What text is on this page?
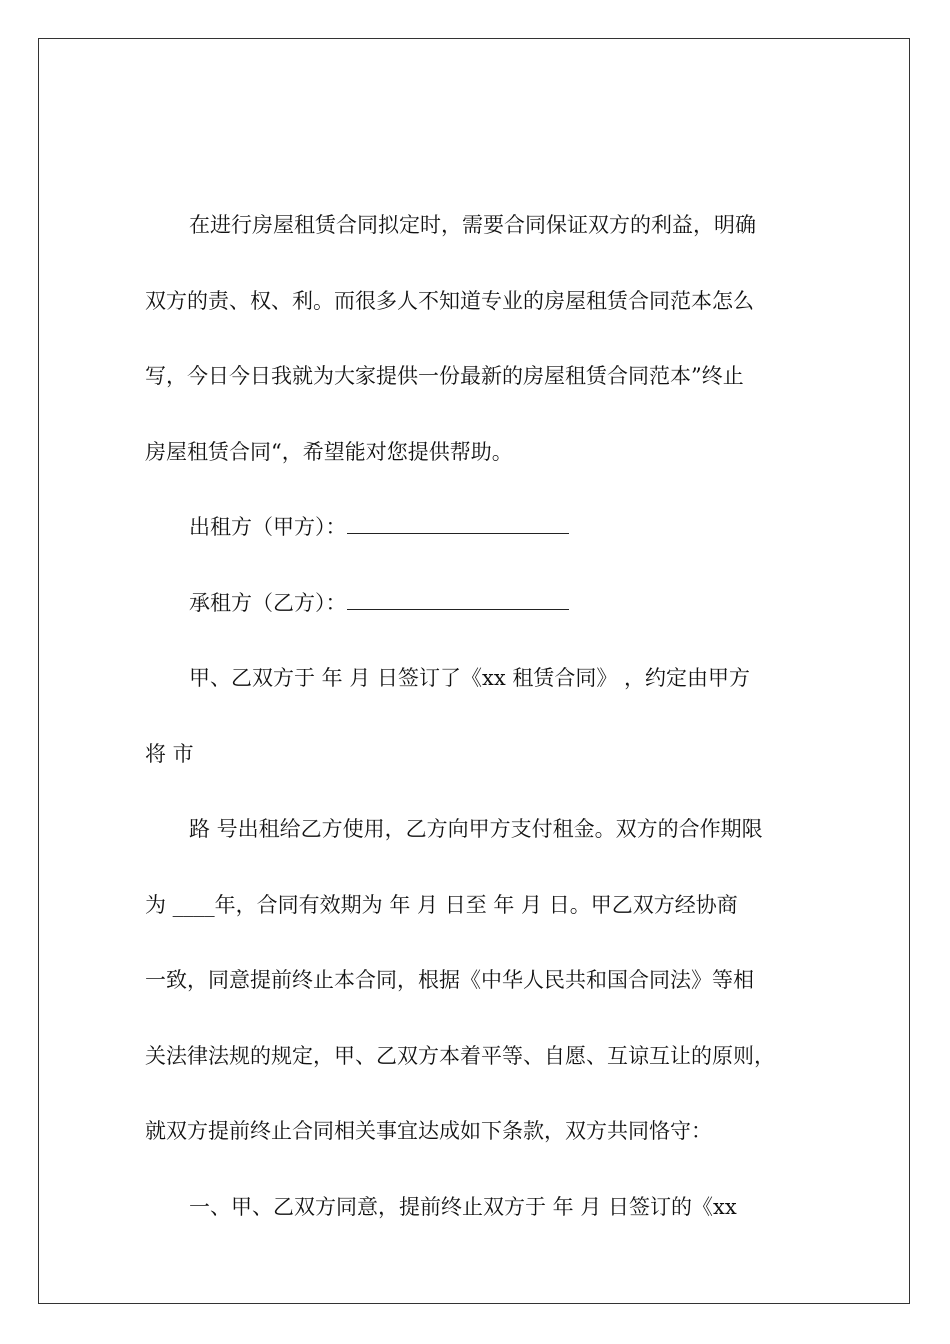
在进行房屋租赁合同拟定时，需要合同保证双方的利益，明确
双方的责、权、利。而很多人不知道专业的房屋租赁合同范本怎么
写，今日今日我就为大家提供一份最新的房屋租赁合同范本”终止
房屋租赁合同“，希望能对您提供帮助。
出租方（甲方）：
承租方（乙方）：
甲、乙双方于 年 月 日签订了《xx 租赁合同》 ，约定由甲方
将 市
路 号出租给乙方使用，乙方向甲方支付租金。双方的合作期限
为 ____年，合同有效期为 年 月 日至 年 月 日。甲乙双方经协商
一致，同意提前终止本合同，根据《中华人民共和国合同法》等相
关法律法规的规定，甲、乙双方本着平等、自愿、互谅互让的原则，
就双方提前终止合同相关事宜达成如下条款，双方共同恪守：
一、甲、乙双方同意，提前终止双方于 年 月 日签订的《xx
